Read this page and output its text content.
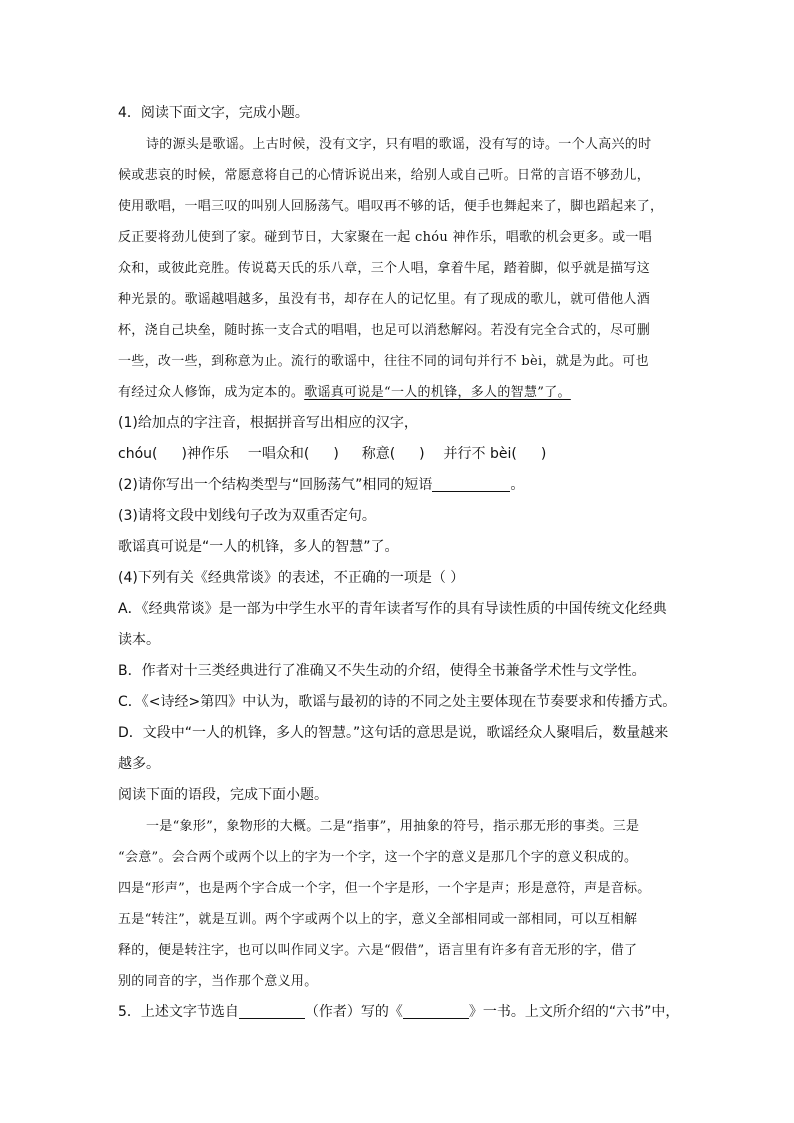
4．阅读下面文字，完成小题。
诗的源头是歌谣。上古时候，没有文字，只有唱的歌谣，没有写的诗。一个人高兴的时
候或悲哀的时候，常愿意将自己的心情诉说出来，给别人或自己听。日常的言语不够劲儿，
使用歌唱，一唱三叹的叫别人回肠荡气。唱叹再不够的话，便手也舞起来了，脚也蹈起来了，
反正要将劲儿使到了家。碰到节日，大家聚在一起 chóu 神作乐，唱歌的机会更多。或一唱
众和，或彼此竞胜。传说葛天氏的乐八章，三个人唱，拿着牛尾，踏着脚，似乎就是描写这
种光景的。歌谣越唱越多，虽没有书，却存在人的记忆里。有了现成的歌儿，就可借他人酒
杯，浇自己块垒，随时拣一支合式的唱唱，也足可以消愁解闷。若没有完全合式的，尽可删
一些，改一些，到称意为止。流行的歌谣中，往往不同的词句并行不 bèi，就是为此。可也
有经过众人修饰，成为定本的。歌谣真可说是“一人的机锋，多人的智慧”了。
(1)给加点的字注音，根据拼音写出相应的汉字，
chóu( )神作乐 一唱众和( ) 称意( ) 并行不 bèi( )
(2)请你写出一个结构类型与“回肠荡气”相同的短语	。
(3)请将文段中划线句子改为双重否定句。
歌谣真可说是“一人的机锋，多人的智慧”了。
(4)下列有关《经典常谈》的表述，不正确的一项是（ ）
A．《经典常谈》是一部为中学生水平的青年读者写作的具有导读性质的中国传统文化经典
读本。
B．作者对十三类经典进行了准确又不失生动的介绍，使得全书兼备学术性与文学性。
C．《<诗经>第四》中认为，歌谣与最初的诗的不同之处主要体现在节奏要求和传播方式。
D．文段中“一人的机锋，多人的智慧。”这句话的意思是说，歌谣经众人聚唱后，数量越来
越多。
阅读下面的语段，完成下面小题。
一是“象形”，象物形的大概。二是“指事”，用抽象的符号，指示那无形的事类。三是
“会意”。会合两个或两个以上的字为一个字，这一个字的意义是那几个字的意义积成的。
四是“形声”，也是两个字合成一个字，但一个字是形，一个字是声；形是意符，声是音标。
五是“转注”，就是互训。两个字或两个以上的字，意义全部相同或一部相同，可以互相解
释的，便是转注字，也可以叫作同义字。六是“假借”，语言里有许多有音无形的字，借了
别的同音的字，当作那个意义用。
5．上述文字节选自	（作者）写的《	》一书。上文所介绍的“六书”中，
